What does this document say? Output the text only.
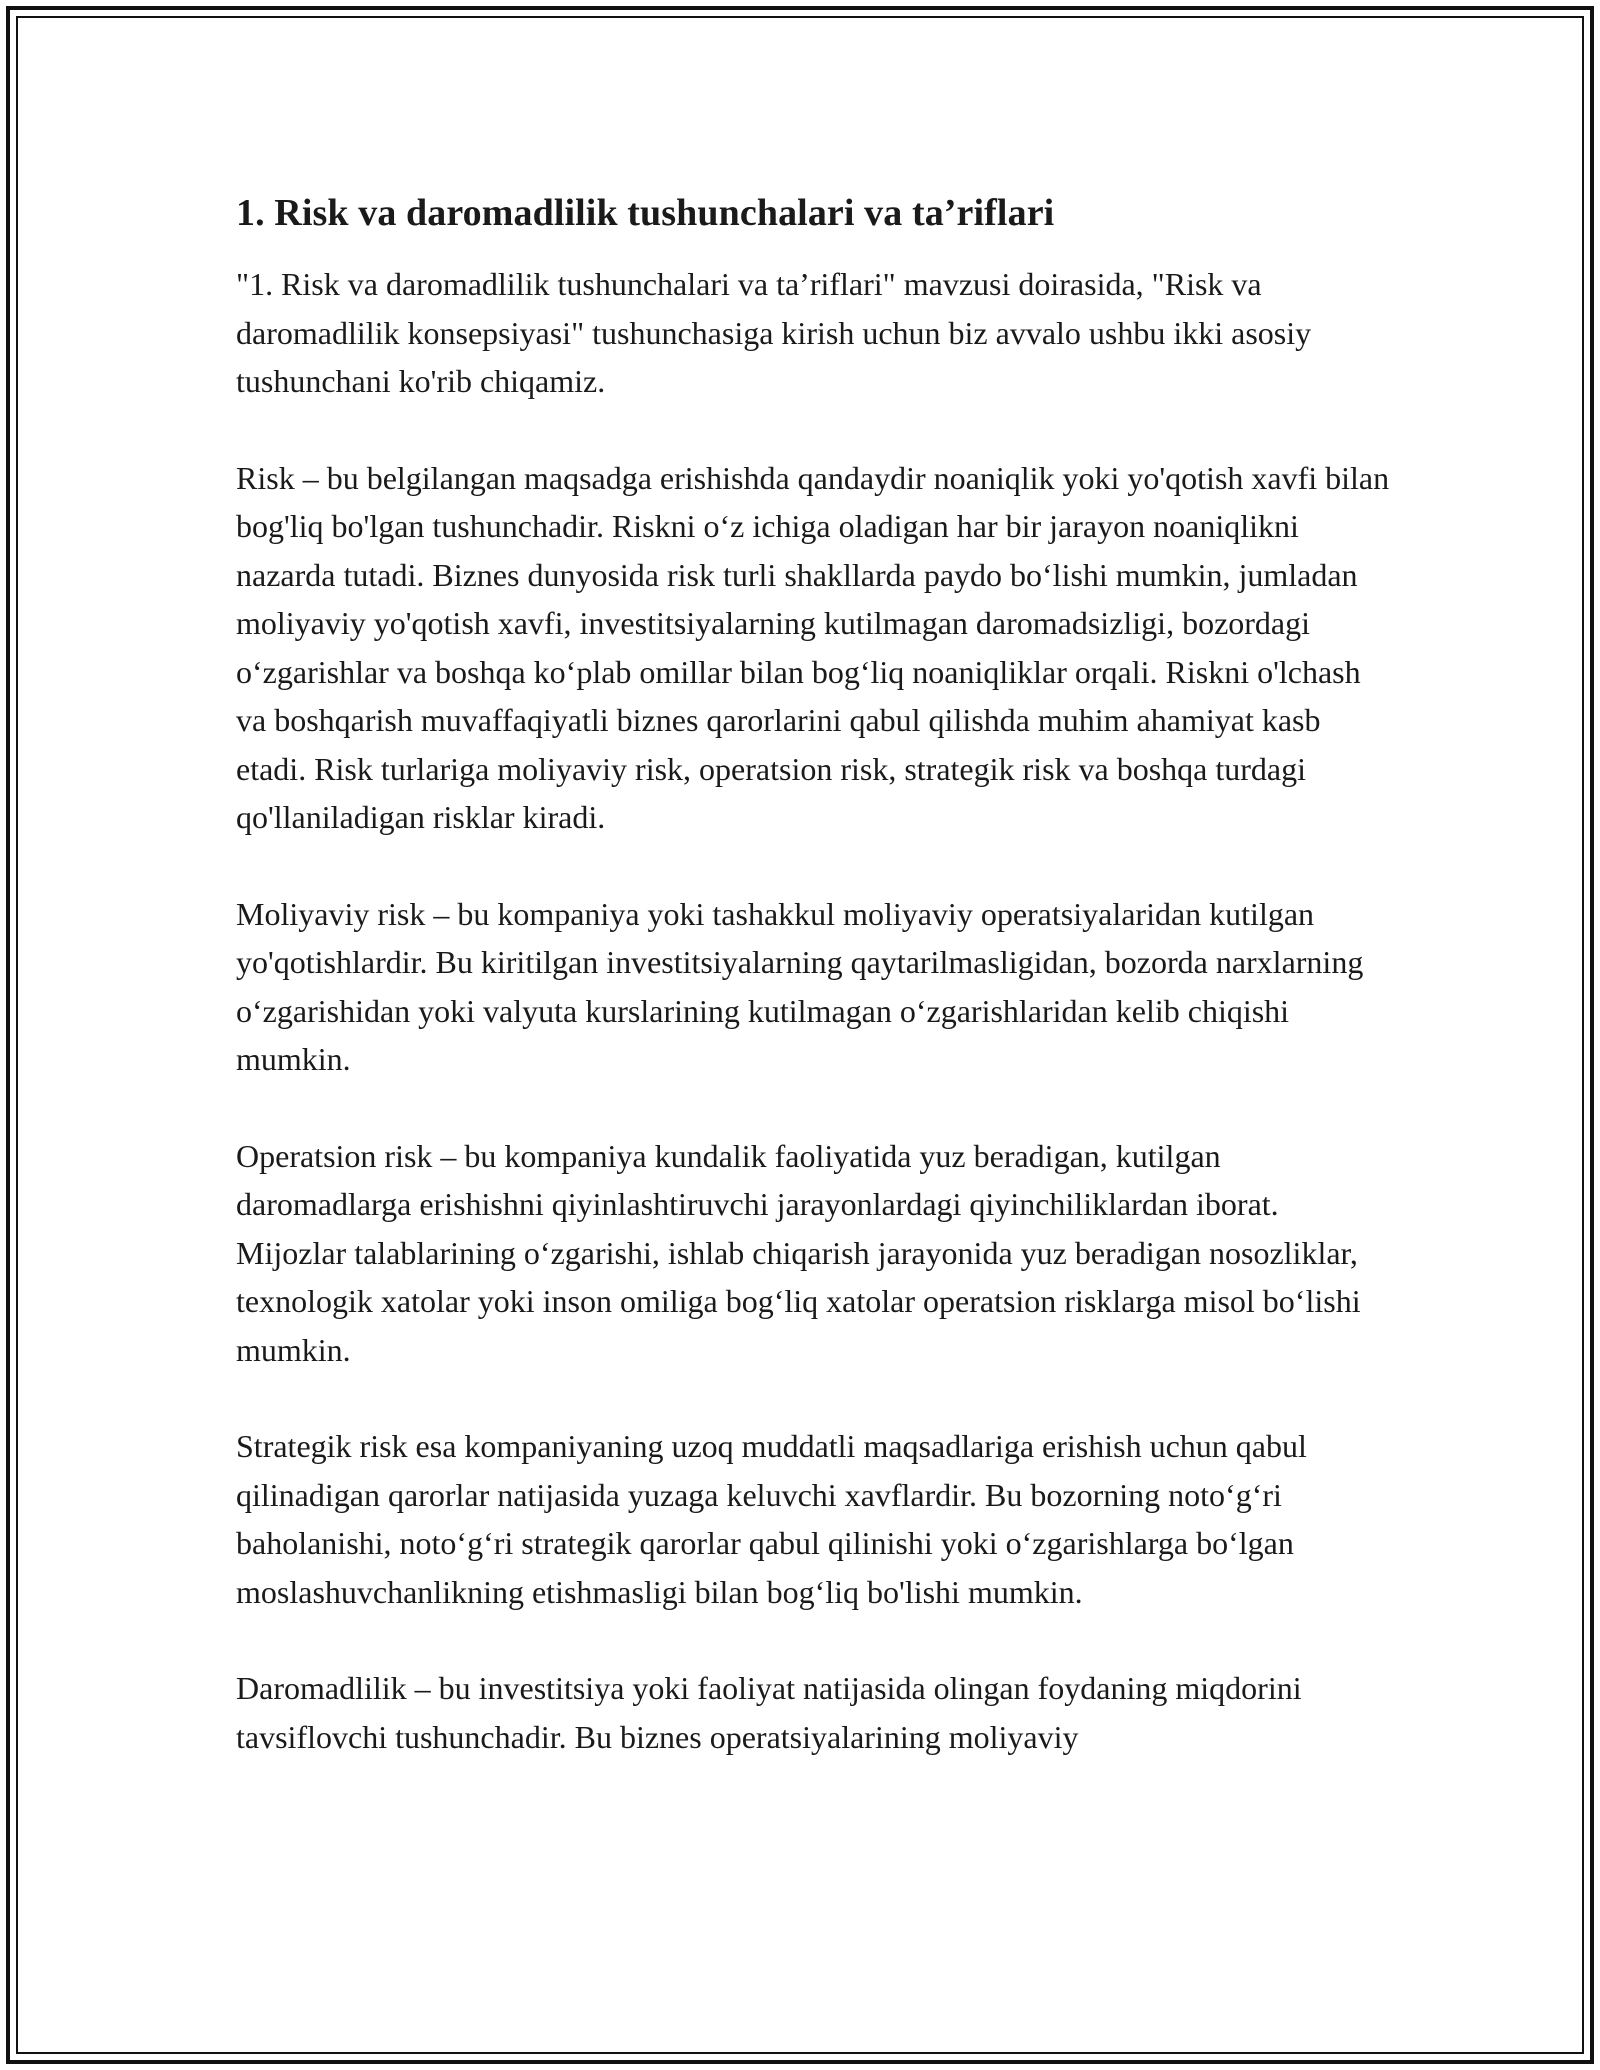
1. Risk va daromadlilik tushunchalari va ta’riflari

"1. Risk va daromadlilik tushunchalari va ta’riflari" mavzusi doirasida, "Risk va daromadlilik konsepsiyasi" tushunchasiga kirish uchun biz avvalo ushbu ikki asosiy tushunchani ko'rib chiqamiz.

Risk – bu belgilangan maqsadga erishishda qandaydir noaniqlik yoki yo'qotish xavfi bilan bog'liq bo'lgan tushunchadir. Riskni o‘z ichiga oladigan har bir jarayon noaniqlikni nazarda tutadi. Biznes dunyosida risk turli shakllarda paydo bo‘lishi mumkin, jumladan moliyaviy yo'qotish xavfi, investitsiyalarning kutilmagan daromadsizligi, bozordagi o‘zgarishlar va boshqa ko‘plab omillar bilan bog‘liq noaniqliklar orqali. Riskni o'lchash va boshqarish muvaffaqiyatli biznes qarorlarini qabul qilishda muhim ahamiyat kasb etadi. Risk turlariga moliyaviy risk, operatsion risk, strategik risk va boshqa turdagi qo'llaniladigan risklar kiradi.

Moliyaviy risk – bu kompaniya yoki tashakkul moliyaviy operatsiyalaridan kutilgan yo'qotishlardir. Bu kiritilgan investitsiyalarning qaytarilmasligidan, bozorda narxlarning o‘zgarishidan yoki valyuta kurslarining kutilmagan o‘zgarishlaridan kelib chiqishi mumkin.

Operatsion risk – bu kompaniya kundalik faoliyatida yuz beradigan, kutilgan daromadlarga erishishni qiyinlashtiruvchi jarayonlardagi qiyinchiliklardan iborat. Mijozlar talablarining o‘zgarishi, ishlab chiqarish jarayonida yuz beradigan nosozliklar, texnologik xatolar yoki inson omiliga bog‘liq xatolar operatsion risklarga misol bo‘lishi mumkin.

Strategik risk esa kompaniyaning uzoq muddatli maqsadlariga erishish uchun qabul qilinadigan qarorlar natijasida yuzaga keluvchi xavflardir. Bu bozorning noto‘g‘ri baholanishi, noto‘g‘ri strategik qarorlar qabul qilinishi yoki o‘zgarishlarga bo‘lgan moslashuvchanlikning etishmasligi bilan bog‘liq bo'lishi mumkin.

Daromadlilik – bu investitsiya yoki faoliyat natijasida olingan foydaning miqdorini tavsiflovchi tushunchadir. Bu biznes operatsiyalarining moliyaviy
